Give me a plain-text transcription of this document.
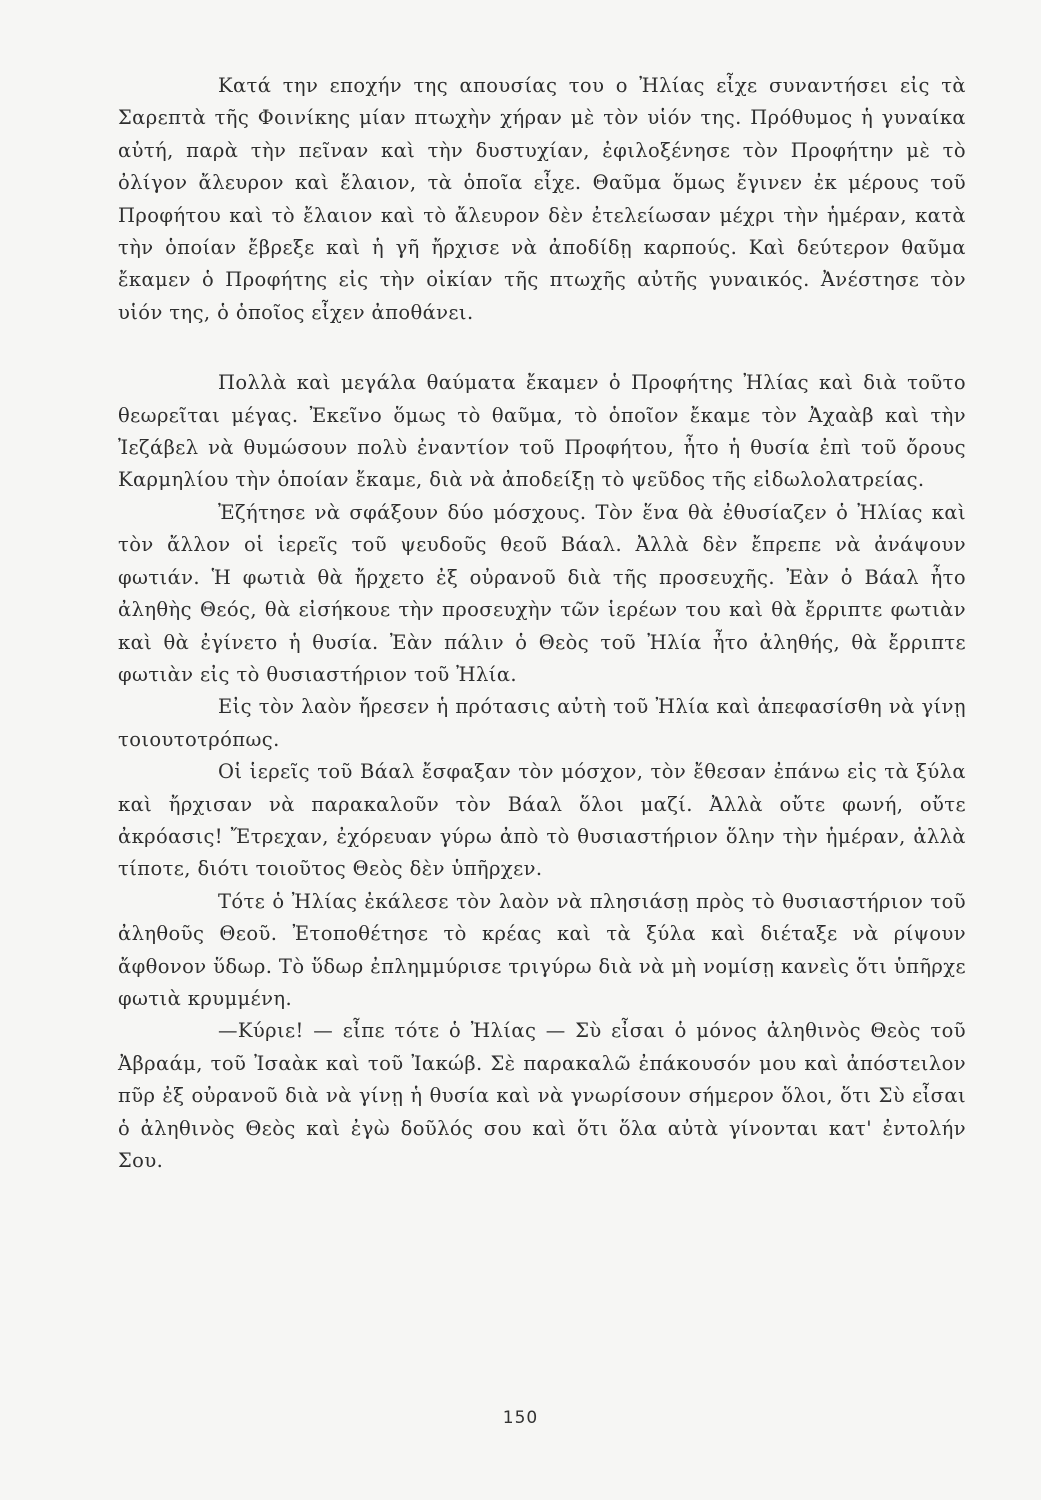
Κατά την εποχήν της απουσίας του ο Ἠλίας εἶχε συναντήσει εἰς τὰ Σαρεπτὰ τῆς Φοινίκης μίαν πτωχὴν χήραν μὲ τὸν υἱόν της. Πρόθυμος ἡ γυναίκα αὐτή, παρὰ τὴν πεῖναν καὶ τὴν δυστυχίαν, ἐφιλοξένησε τὸν Προφήτην μὲ τὸ ὀλίγον ἄλευρον καὶ ἔλαιον, τὰ ὁποῖα εἶχε. Θαῦμα ὅμως ἔγινεν ἐκ μέρους τοῦ Προφήτου καὶ τὸ ἔλαιον καὶ τὸ ἄλευρον δὲν ἐτελείωσαν μέχρι τὴν ἡμέραν, κατὰ τὴν ὁποίαν ἔβρεξε καὶ ἡ γῆ ἤρχισε νὰ ἀποδίδῃ καρπούς. Καὶ δεύτερον θαῦμα ἔκαμεν ὁ Προφήτης εἰς τὴν οἰκίαν τῆς πτωχῆς αὐτῆς γυναικός. Ἀνέστησε τὸν υἱόν της, ὁ ὁποῖος εἶχεν ἀποθάνει.

Πολλὰ καὶ μεγάλα θαύματα ἔκαμεν ὁ Προφήτης Ἠλίας καὶ διὰ τοῦτο θεωρεῖται μέγας. Ἐκεῖνο ὅμως τὸ θαῦμα, τὸ ὁποῖον ἔκαμε τὸν Ἀχαὰβ καὶ τὴν Ἰεζάβελ νὰ θυμώσουν πολὺ ἐναντίον τοῦ Προφήτου, ἦτο ἡ θυσία ἐπὶ τοῦ ὄρους Καρμηλίου τὴν ὁποίαν ἔκαμε, διὰ νὰ ἀποδείξῃ τὸ ψεῦδος τῆς εἰδωλολατρείας.

Ἐζήτησε νὰ σφάξουν δύο μόσχους. Τὸν ἕνα θὰ ἐθυσίαζεν ὁ Ἠλίας καὶ τὸν ἄλλον οἱ ἱερεῖς τοῦ ψευδοῦς θεοῦ Βάαλ. Ἀλλὰ δὲν ἔπρεπε νὰ ἀνάψουν φωτιάν. Ἡ φωτιὰ θὰ ἤρχετο ἐξ οὐρανοῦ διὰ τῆς προσευχῆς. Ἐὰν ὁ Βάαλ ἦτο ἀληθὴς Θεός, θὰ εἰσήκουε τὴν προσευχὴν τῶν ἱερέων του καὶ θὰ ἔρριπτε φωτιὰν καὶ θὰ ἐγίνετο ἡ θυσία. Ἐὰν πάλιν ὁ Θεὸς τοῦ Ἠλία ἦτο ἀληθής, θὰ ἔρριπτε φωτιὰν εἰς τὸ θυσιαστήριον τοῦ Ἠλία.

Εἰς τὸν λαὸν ἤρεσεν ἡ πρότασις αὐτὴ τοῦ Ἠλία καὶ ἀπεφασίσθη νὰ γίνῃ τοιουτοτρόπως.

Οἱ ἱερεῖς τοῦ Βάαλ ἔσφαξαν τὸν μόσχον, τὸν ἔθεσαν ἐπάνω εἰς τὰ ξύλα καὶ ἤρχισαν νὰ παρακαλοῦν τὸν Βάαλ ὅλοι μαζί. Ἀλλὰ οὔτε φωνή, οὔτε ἀκρόασις! Ἔτρεχαν, ἐχόρευαν γύρω ἀπὸ τὸ θυσιαστήριον ὅλην τὴν ἡμέραν, ἀλλὰ τίποτε, διότι τοιοῦτος Θεὸς δὲν ὑπῆρχεν.

Τότε ὁ Ἠλίας ἐκάλεσε τὸν λαὸν νὰ πλησιάσῃ πρὸς τὸ θυσιαστήριον τοῦ ἀληθοῦς Θεοῦ. Ἐτοποθέτησε τὸ κρέας καὶ τὰ ξύλα καὶ διέταξε νὰ ρίψουν ἄφθονον ὕδωρ. Τὸ ὕδωρ ἐπλημμύρισε τριγύρω διὰ νὰ μὴ νομίσῃ κανεὶς ὅτι ὑπῆρχε φωτιὰ κρυμμένη.

—Κύριε! — εἶπε τότε ὁ Ἠλίας — Σὺ εἶσαι ὁ μόνος ἀληθινὸς Θεὸς τοῦ Ἀβραάμ, τοῦ Ἰσαὰκ καὶ τοῦ Ἰακώβ. Σὲ παρακαλῶ ἐπάκουσόν μου καὶ ἀπόστειλον πῦρ ἐξ οὐρανοῦ διὰ νὰ γίνῃ ἡ θυσία καὶ νὰ γνωρίσουν σήμερον ὅλοι, ὅτι Σὺ εἶσαι ὁ ἀληθινὸς Θεὸς καὶ ἐγὼ δοῦλός σου καὶ ὅτι ὅλα αὐτὰ γίνονται κατ' ἐντολήν Σου.

150
